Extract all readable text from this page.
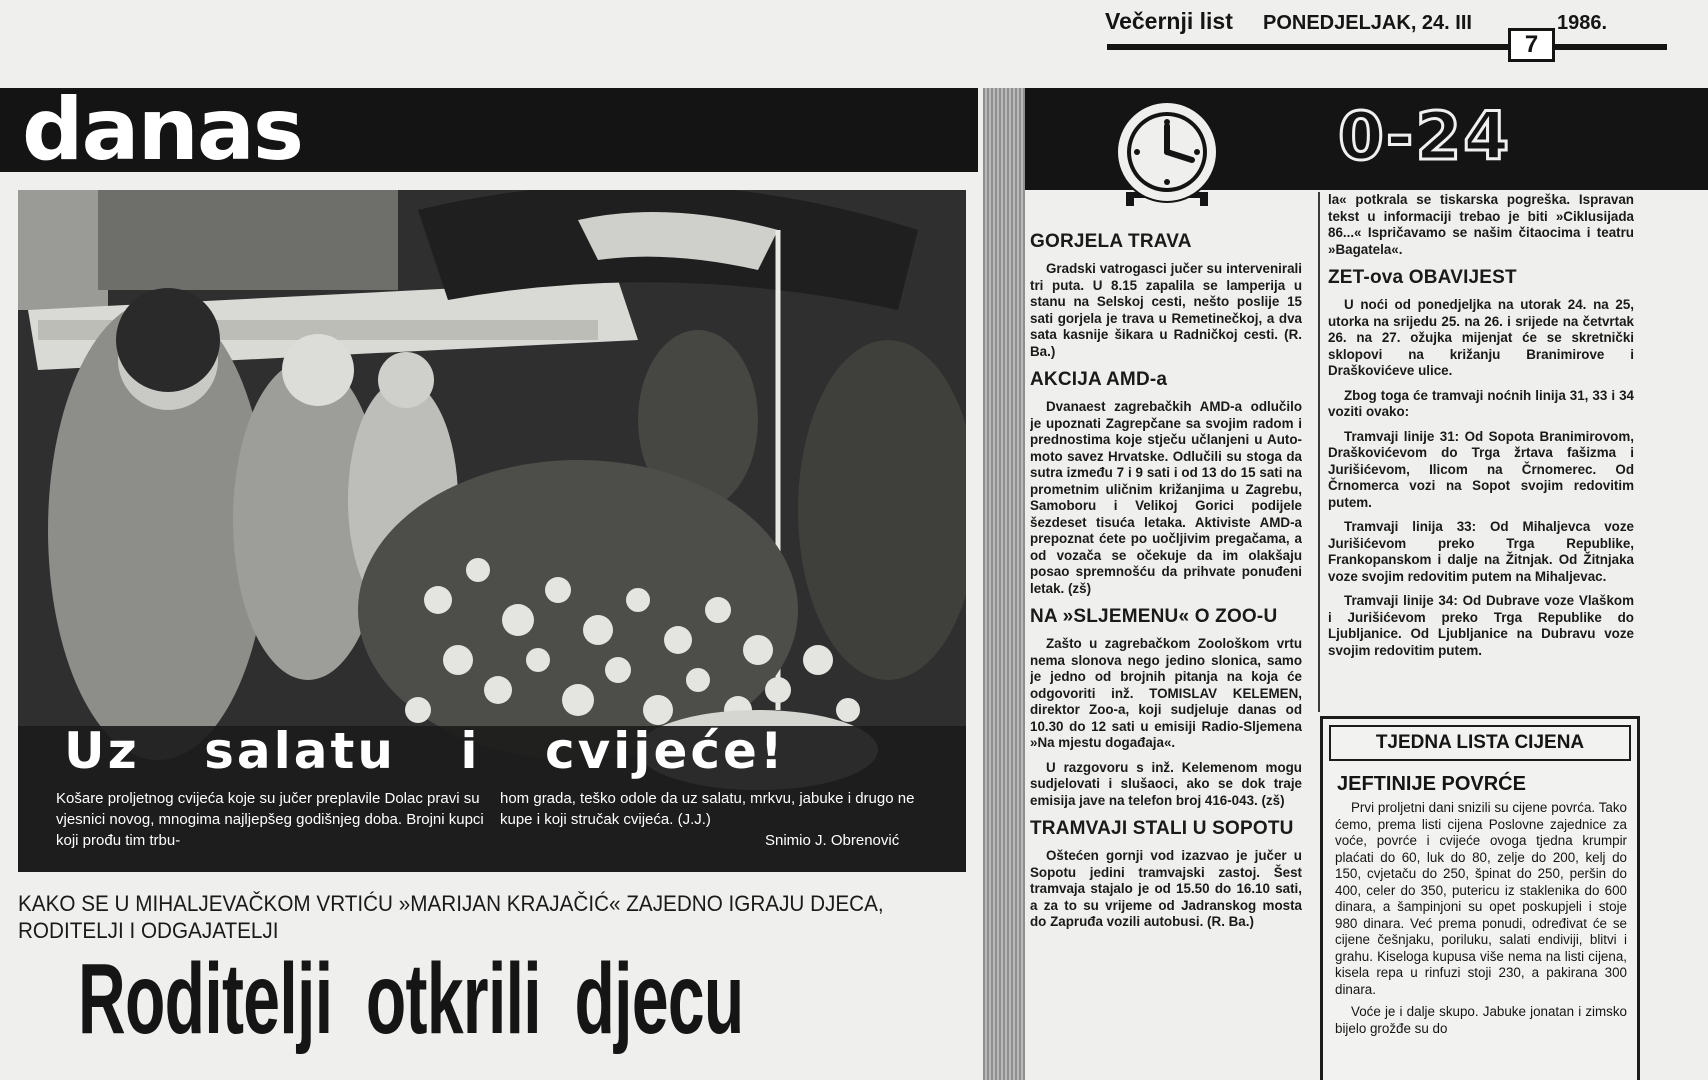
Večernji list PONEDJELJAK, 24. III
7
1986.
danas	0-24
Uz salatu i cvijeće!
Košare proljetnog cvijeća koje su jučer preplavile Dolac pravi su vjesnici novog, mnogima najljepšeg godišnjeg doba. Brojni kupci koji prođu tim trbu-
hom grada, teško odole da uz salatu, mrkvu, jabuke i drugo ne kupe i koji stručak cvijeća. (J.J.)
Snimio J. Obrenović
KAKO SE U MIHALJEVAČKOM VRTIĆU »MARIJAN KRAJAČIĆ« ZAJEDNO IGRAJU DJECA, RODITELJI I ODGAJATELJI
Roditelji otkrili djecu
GORJELA TRAVA

Gradski vatrogasci jučer su intervenirali tri puta. U 8.15 zapalila se lamperija u stanu na Selskoj cesti, nešto poslije 15 sati gorjela je trava u Remetinečkoj, a dva sata kasnije šikara u Radničkoj cesti. (R. Ba.)

AKCIJA AMD-a

Dvanaest zagrebačkih AMD-a odlučilo je upoznati Zagrepčane sa svojim radom i prednostima koje stječu učlanjeni u Auto-moto savez Hrvatske. Odlučili su stoga da sutra između 7 i 9 sati i od 13 do 15 sati na prometnim uličnim križanjima u Zagrebu, Samoboru i Velikoj Gorici podijele šezdeset tisuća letaka. Aktiviste AMD-a prepoznat ćete po uočljivim pregačama, a od vozača se očekuje da im olakšaju posao spremnošću da prihvate ponuđeni letak. (zš)

NA »SLJEMENU« O ZOO-U

Zašto u zagrebačkom Zoološkom vrtu nema slonova nego jedino slonica, samo je jedno od brojnih pitanja na koja će odgovoriti inž. TOMISLAV KELEMEN, direktor Zoo-a, koji sudjeluje danas od 10.30 do 12 sati u emisiji Radio-Sljemena »Na mjestu događaja«.

U razgovoru s inž. Kelemenom mogu sudjelovati i slušaoci, ako se dok traje emisija jave na telefon broj 416-043. (zš)

TRAMVAJI STALI U SOPOTU

Oštećen gornji vod izazvao je jučer u Sopotu jedini tramvajski zastoj. Šest tramvaja stajalo je od 15.50 do 16.10 sati, a za to su vrijeme od Jadranskog mosta do Zapruđa vozili autobusi. (R. Ba.)

la« potkrala se tiskarska pogreška. Ispravan tekst u informaciji trebao je biti »Ciklusijada 86...« Ispričavamo se našim čitaocima i teatru »Bagatela«.

ZET-ova OBAVIJEST

U noći od ponedjeljka na utorak 24. na 25, utorka na srijedu 25. na 26. i srijede na četvrtak 26. na 27. ožujka mijenjat će se skretnički sklopovi na križanju Branimirove i Draškovićeve ulice.

Zbog toga će tramvaji noćnih linija 31, 33 i 34 voziti ovako:

Tramvaji linije 31: Od Sopota Branimirovom, Draškovićevom do Trga žrtava fašizma i Jurišićevom, Ilicom na Črnomerec. Od Črnomerca vozi na Sopot svojim redovitim putem.

Tramvaji linija 33: Od Mihaljevca voze Jurišićevom preko Trga Republike, Frankopanskom i dalje na Žitnjak. Od Žitnjaka voze svojim redovitim putem na Mihaljevac.

Tramvaji linije 34: Od Dubrave voze Vlaškom i Jurišićevom preko Trga Republike do Ljubljanice. Od Ljubljanice na Dubravu voze svojim redovitim putem.

TJEDNA LISTA CIJENA
JEFTINIJE POVRĆE

Prvi proljetni dani snizili su cijene povrća. Tako ćemo, prema listi cijena Poslovne zajednice za voće, povrće i cvijeće ovoga tjedna krumpir plaćati do 60, luk do 80, zelje do 200, kelj do 150, cvjetaču do 250, špinat do 250, peršin do 400, celer do 350, putericu iz staklenika do 600 dinara, a šampinjoni su opet poskupjeli i stoje 980 dinara. Već prema ponudi, određivat će se cijene češnjaku, poriluku, salati endiviji, blitvi i grahu. Kiseloga kupusa više nema na listi cijena, kisela repa u rinfuzi stoji 230, a pakirana 300 dinara.

Voće je i dalje skupo. Jabuke jonatan i zimsko bijelo grožđe su do
